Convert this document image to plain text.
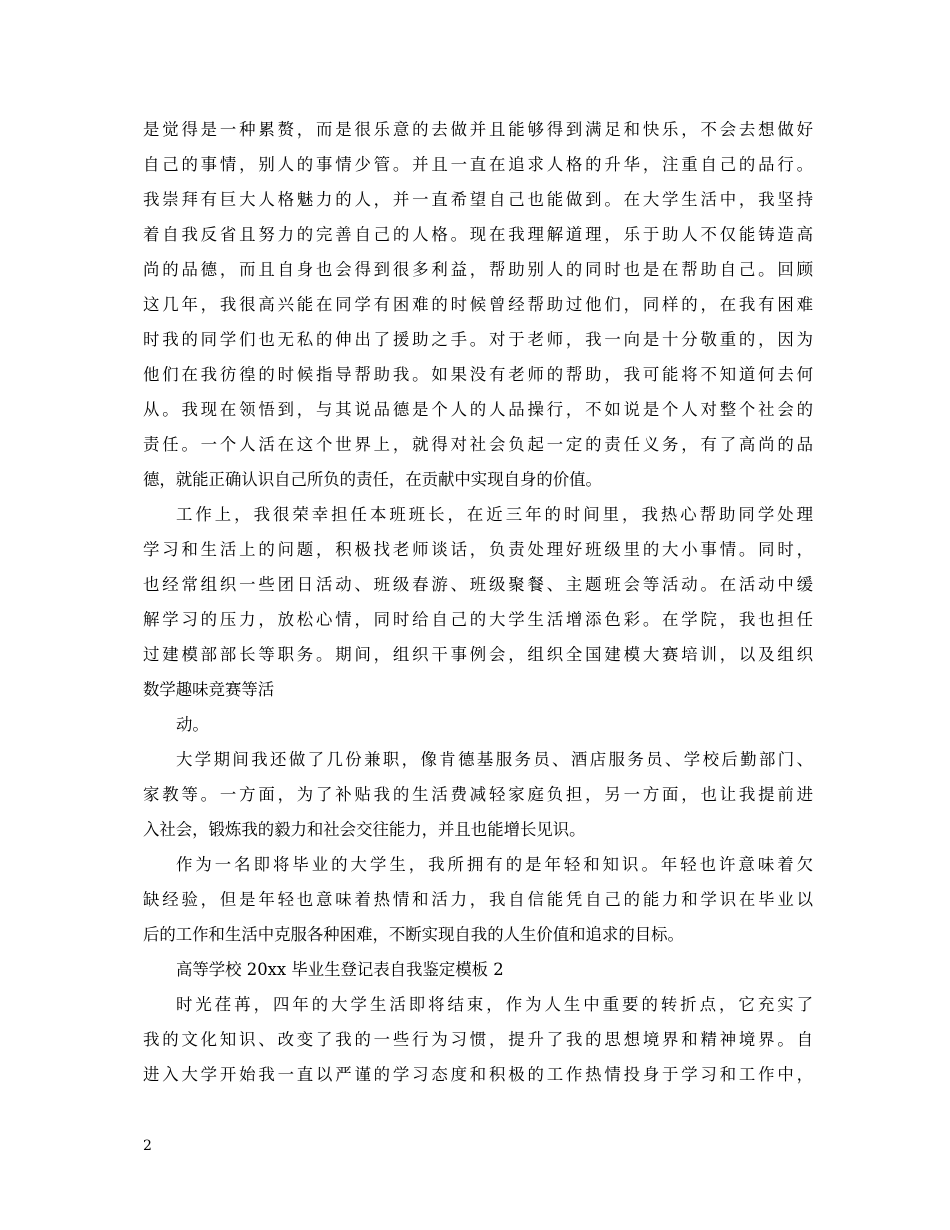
是觉得是一种累赘，而是很乐意的去做并且能够得到满足和快乐，不会去想做好
自己的事情，别人的事情少管。并且一直在追求人格的升华，注重自己的品行。
我崇拜有巨大人格魅力的人，并一直希望自己也能做到。在大学生活中，我坚持
着自我反省且努力的完善自己的人格。现在我理解道理，乐于助人不仅能铸造高
尚的品德，而且自身也会得到很多利益，帮助别人的同时也是在帮助自己。回顾
这几年，我很高兴能在同学有困难的时候曾经帮助过他们，同样的，在我有困难
时我的同学们也无私的伸出了援助之手。对于老师，我一向是十分敬重的，因为
他们在我彷徨的时候指导帮助我。如果没有老师的帮助，我可能将不知道何去何
从。我现在领悟到，与其说品德是个人的人品操行，不如说是个人对整个社会的
责任。一个人活在这个世界上，就得对社会负起一定的责任义务，有了高尚的品
德，就能正确认识自己所负的责任，在贡献中实现自身的价值。
工作上，我很荣幸担任本班班长，在近三年的时间里，我热心帮助同学处理
学习和生活上的问题，积极找老师谈话，负责处理好班级里的大小事情。同时，
也经常组织一些团日活动、班级春游、班级聚餐、主题班会等活动。在活动中缓
解学习的压力，放松心情，同时给自己的大学生活增添色彩。在学院，我也担任
过建模部部长等职务。期间，组织干事例会，组织全国建模大赛培训，以及组织
数学趣味竞赛等活
动。
大学期间我还做了几份兼职，像肯德基服务员、酒店服务员、学校后勤部门、
家教等。一方面，为了补贴我的生活费减轻家庭负担，另一方面，也让我提前进
入社会，锻炼我的毅力和社会交往能力，并且也能增长见识。
作为一名即将毕业的大学生，我所拥有的是年轻和知识。年轻也许意味着欠
缺经验，但是年轻也意味着热情和活力，我自信能凭自己的能力和学识在毕业以
后的工作和生活中克服各种困难，不断实现自我的人生价值和追求的目标。
高等学校 20xx 毕业生登记表自我鉴定模板 2
时光荏苒，四年的大学生活即将结束，作为人生中重要的转折点，它充实了
我的文化知识、改变了我的一些行为习惯，提升了我的思想境界和精神境界。自
进入大学开始我一直以严谨的学习态度和积极的工作热情投身于学习和工作中，
2
